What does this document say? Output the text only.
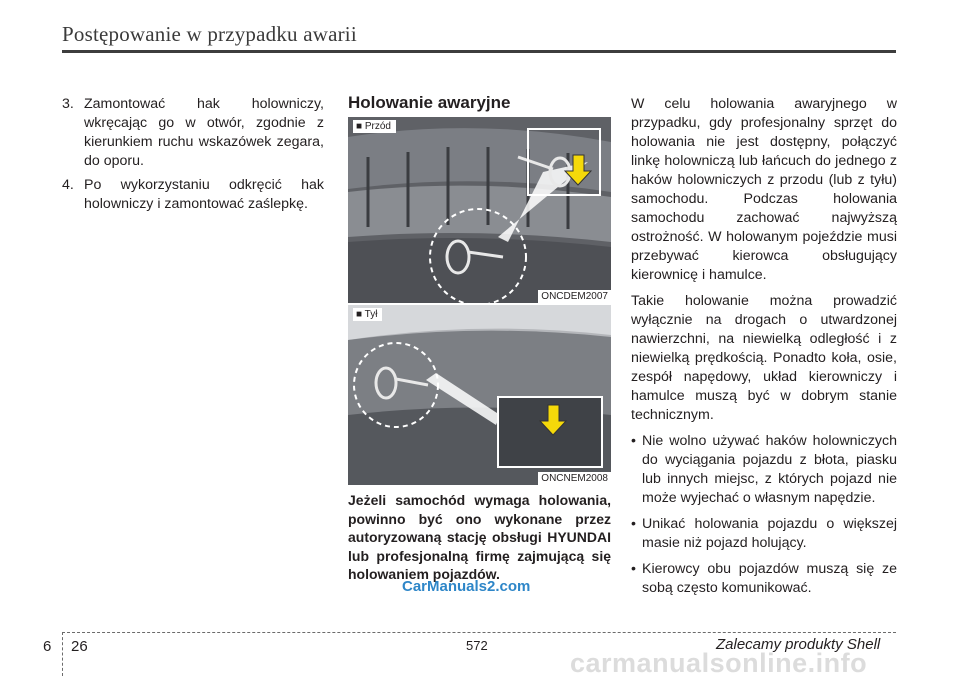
Postępowanie w przypadku awarii
3. Zamontować hak holowniczy, wkręcając go w otwór, zgodnie z kierunkiem ruchu wskazówek zegara, do oporu.
4. Po wykorzystaniu odkręcić hak holowniczy i zamontować zaślepkę.
Holowanie awaryjne
■ Przód
ONCDEM2007
■ Tył
ONCNEM2008
Jeżeli samochód wymaga holowania, powinno być ono wykonane przez autoryzowaną stację obsługi HYUNDAI lub profesjonalną firmę zajmującą się holowaniem pojazdów.
CarManuals2.com

W celu holowania awaryjnego w przypadku, gdy profesjonalny sprzęt do holowania nie jest dostępny, połączyć linkę holowniczą lub łańcuch do jednego z haków holowniczych z przodu (lub z tyłu) samochodu. Podczas holowania samochodu zachować najwyższą ostrożność. W holowanym pojeździe musi przebywać kierowca obsługujący kierownicę i hamulce.

Takie holowanie można prowadzić wyłącznie na drogach o utwardzonej nawierzchni, na niewielką odległość i z niewielką prędkością. Ponadto koła, osie, zespół napędowy, układ kierowniczy i hamulce muszą być w dobrym stanie technicznym.

• Nie wolno używać haków holowniczych do wyciągania pojazdu z błota, piasku lub innych miejsc, z których pojazd nie może wyjechać o własnym napędzie.
• Unikać holowania pojazdu o większej masie niż pojazd holujący.
• Kierowcy obu pojazdów muszą się ze sobą często komunikować.
6 26	572	Zalecamy produkty Shell
carmanualsonline.info
